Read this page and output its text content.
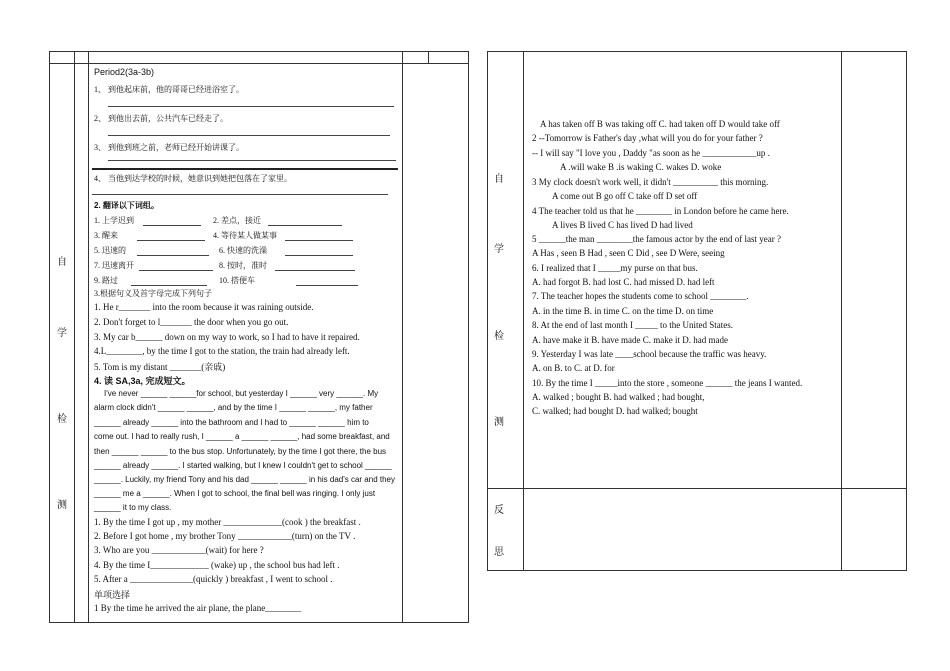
自
学
检
测
Period2(3a-3b)
1、 到他起床前，他的哥哥已经进浴室了。
2、 到他出去前，公共汽车已经走了。
3、 到他到班之前，老师已经开始讲课了。
4、 当他到达学校的时候，她意识到她把包落在了家里。
2. 翻译以下词组。
1. 上学迟到	2. 差点，接近
3. 醒来	4. 等待某人做某事
5. 迅速的	6. 快速的洗澡
7. 迅速离开	8. 按时，准时
9. 路过	10. 搭便车
3.根据句义及首字母完成下列句子
1. He r_______ into the room because it was raining outside.
2. Don't forget to l_______ the door when you go out.
3. My car b______ down on my way to work, so I had to have it repaired.
4.L________, by the time I got to the station, the train had already left.
5. Tom is my distant _______(亲戚)
4. 读 SA,3a, 完成短文。
I've never ______ ______for school, but yesterday I ______ very ______. My
alarm clock didn't ______ ______, and by the time I ______ ______, my father
______ already ______ into the bathroom and I had to ______ ______ him to
come out. I had to really rush, I ______ a ______ ______, had some breakfast, and
then ______ ______ to the bus stop. Unfortunately, by the time I got there, the bus
______ already ______. I started walking, but I knew I couldn't get to school ______
______. Luckily, my friend Tony and his dad ______ ______ in his dad's car and they
______ me a ______. When I got to school, the final bell was ringing. I only just
______ it to my class.
1. By the time I got up , my mother _____________(cook ) the breakfast .
2. Before I got home , my brother Tony ____________(turn) on the TV .
3. Who are you ____________(wait) for here ?
4. By the time I_____________ (wake) up , the school bus had left .
5. After a ______________(quickly ) breakfast , I went to school .
单项选择
1 By the time he arrived the air plane, the plane________
自
学
检
测
反
思
A has taken off B was taking off C. had taken off D would take off
2 --Tomorrow is Father's day ,what will you do for your father ?
-- I will say "I love you , Daddy "as soon as he ____________up .
A .will wake B .is waking C. wakes D. woke
3 My clock doesn't work well, it didn't __________ this morning.
A come out B go off C take off D set off
4 The teacher told us that he ________ in London before he came here.
A lives B lived C has lived D had lived
5 ______the man ________the famous actor by the end of last year ?
A Has , seen B Had , seen C Did , see D Were, seeing
6. I realized that I _____my purse on that bus.
A. had forgot B. had lost C. had missed D. had left
7. The teacher hopes the students come to school ________.
A. in the time B. in time C. on the time D. on time
8. At the end of last month I _____ to the United States.
A. have make it B. have made C. make it D. had made
9. Yesterday I was late ____school because the traffic was heavy.
A. on B. to C. at D. for
10. By the time I _____into the store , someone ______ the jeans I wanted.
A. walked ; bought B. had walked ; had bought,
C. walked; had bought D. had walked; bought
